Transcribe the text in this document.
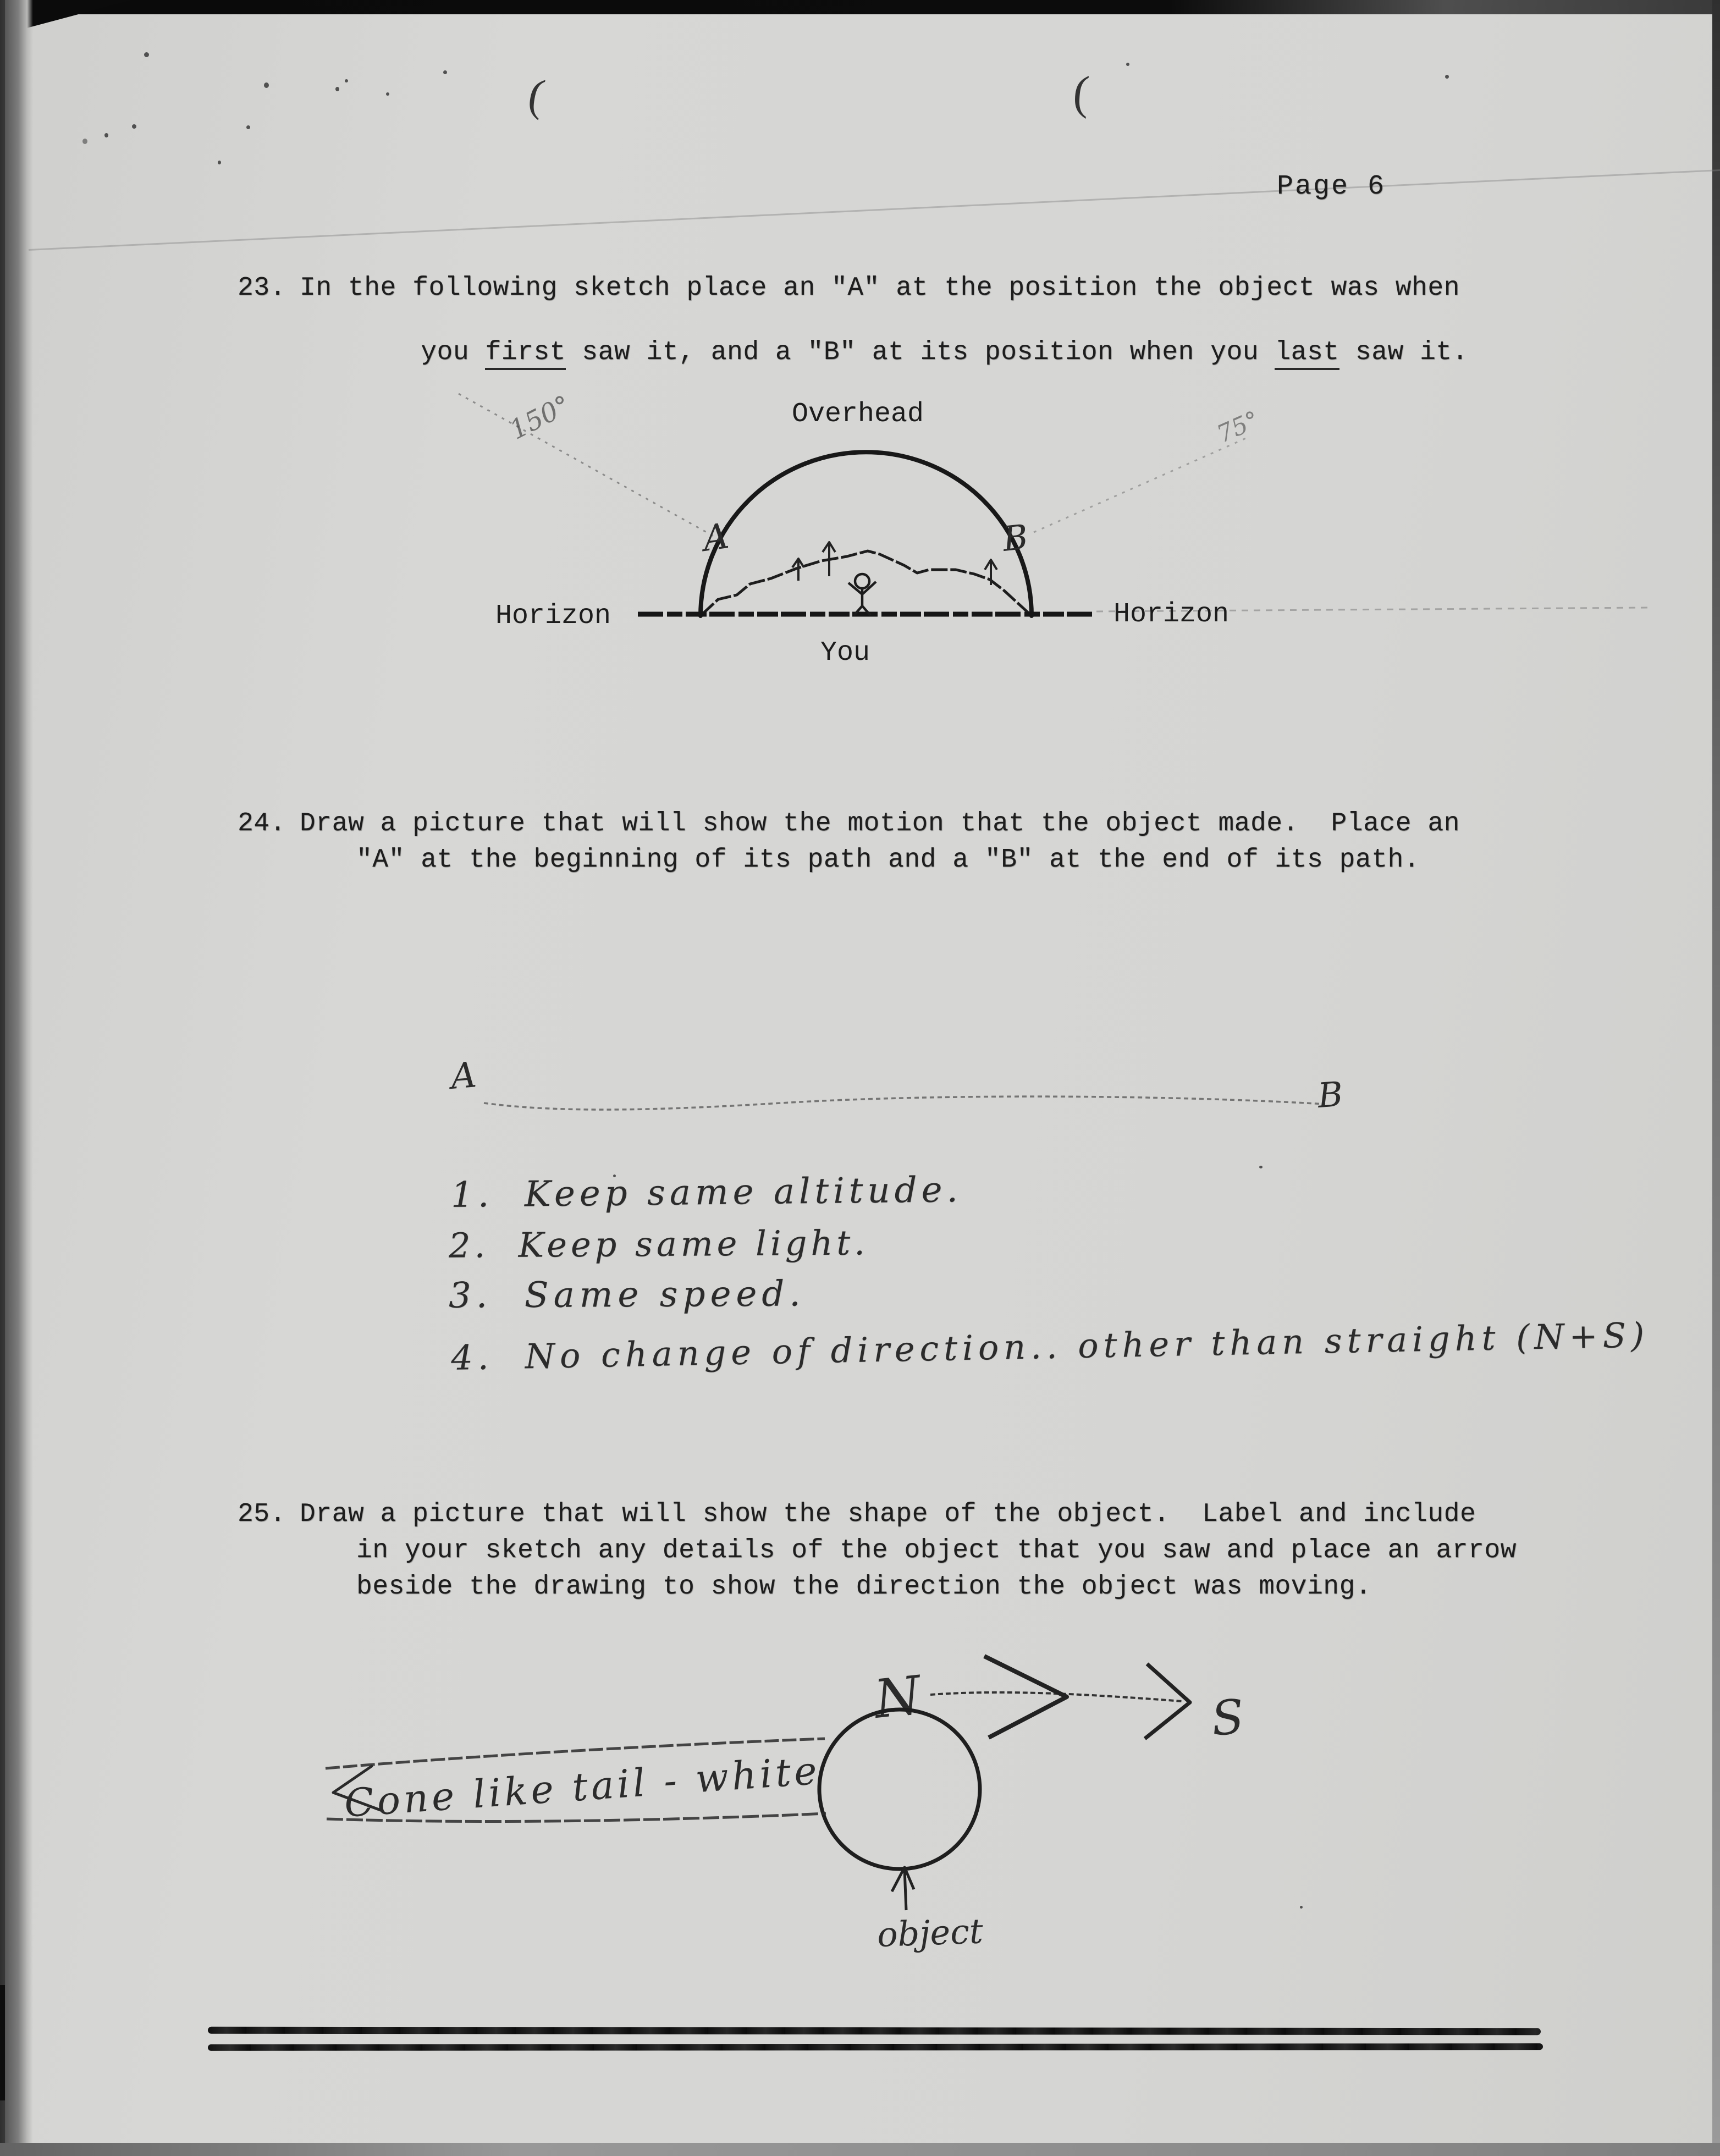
(	(
Page 6
23. In the following sketch place an "A" at the position the object was when

you first saw it, and a "B" at its position when you last saw it.

Overhead
A	B
150°	75°
Horizon	Horizon
You
24. Draw a picture that will show the motion that the object made.  Place an
"A" at the beginning of its path and a "B" at the end of its path.
A	B
1.  Keep same altitude.
2.  Keep same light.
3.  Same speed.
4.  No change of direction.. other than straight (N+S)
25. Draw a picture that will show the shape of the object.  Label and include
in your sketch any details of the object that you saw and place an arrow
beside the drawing to show the direction the object was moving.
N	S
Cone like tail - white
object
